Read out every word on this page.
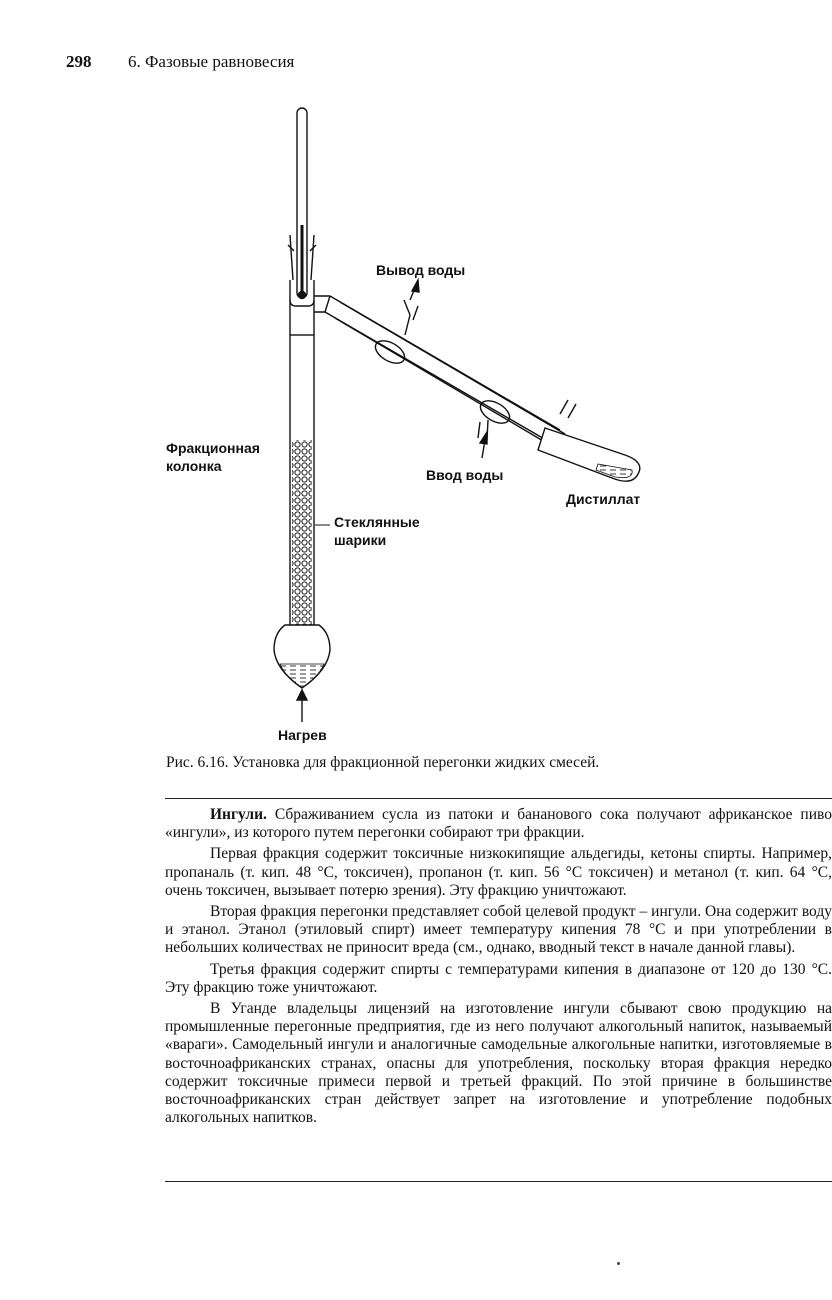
298 6. Фазовые равновесия
Вывод воды
Ввод воды
Фракционная
колонка
Стеклянные
шарики
Дистиллат
Нагрев
Рис. 6.16. Установка для фракционной перегонки жидких смесей.

Ингули. Сбраживанием сусла из патоки и бананового сока получают африканское пиво «ингули», из которого путем перегонки собирают три фракции.

Первая фракция содержит токсичные низкокипящие альдегиды, кетоны спирты. Например, пропаналь (т. кип. 48 °С, токсичен), пропанон (т. кип. 56 °С токсичен) и метанол (т. кип. 64 °С, очень токсичен, вызывает потерю зрения). Эту фракцию уничтожают.

Вторая фракция перегонки представляет собой целевой продукт – ингули. Она содержит воду и этанол. Этанол (этиловый спирт) имеет температуру кипения 78 °С и при употреблении в небольших количествах не приносит вреда (см., однако, вводный текст в начале данной главы).

Третья фракция содержит спирты с температурами кипения в диапазоне от 120 до 130 °С. Эту фракцию тоже уничтожают.

В Уганде владельцы лицензий на изготовление ингули сбывают свою продукцию на промышленные перегонные предприятия, где из него получают алкогольный напиток, называемый «вараги». Самодельный ингули и аналогичные самодельные алкогольные напитки, изготовляемые в восточноафриканских странах, опасны для употребления, поскольку вторая фракция нередко содержит токсичные примеси первой и третьей фракций. По этой причине в большинстве восточноафриканских стран действует запрет на изготовление и употребление подобных алкогольных напитков.
